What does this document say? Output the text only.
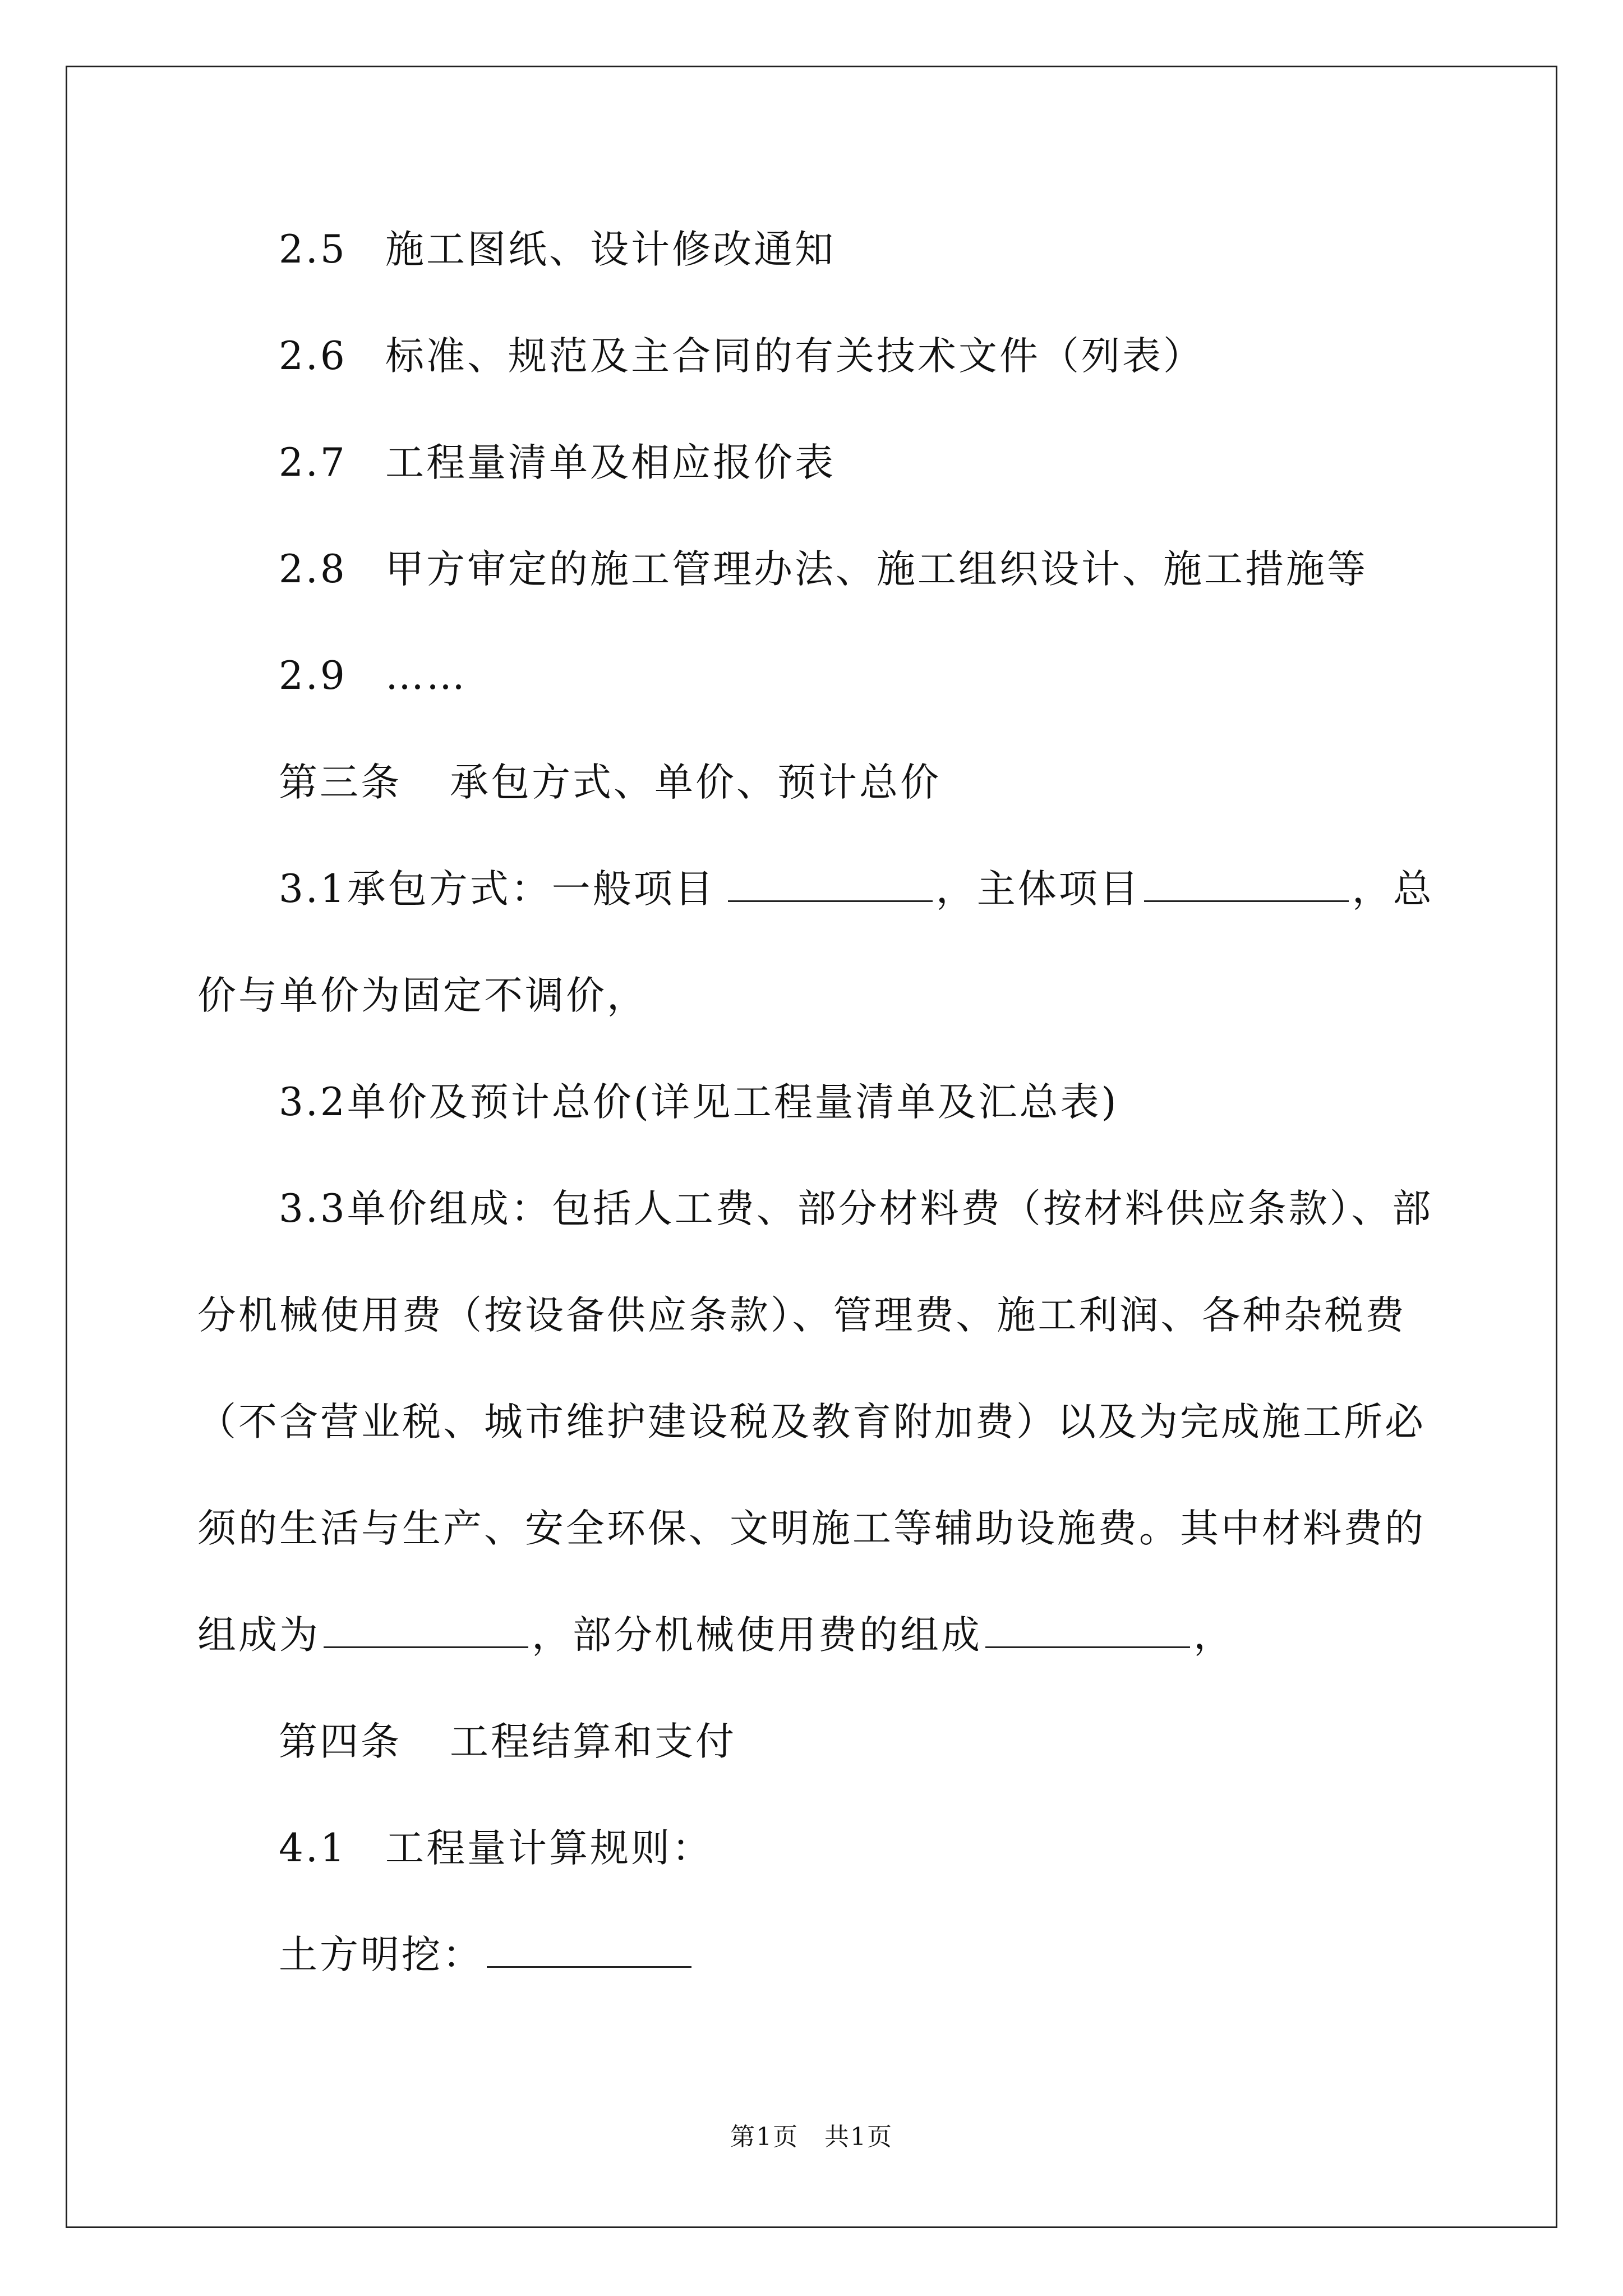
2.5 施工图纸、设计修改通知
2.6 标准、规范及主合同的有关技术文件（列表）
2.7 工程量清单及相应报价表
2.8 甲方审定的施工管理办法、施工组织设计、施工措施等
2.9 ……
第三条 承包方式、单价、预计总价
3.1承包方式：一般项目	，主体项目	，总
价与单价为固定不调价，
3.2单价及预计总价(详见工程量清单及汇总表)
3.3单价组成：包括人工费、部分材料费（按材料供应条款）、部
分机械使用费（按设备供应条款）、管理费、施工利润、各种杂税费
（不含营业税、城市维护建设税及教育附加费）以及为完成施工所必
须的生活与生产、安全环保、文明施工等辅助设施费。其中材料费的
组成为	，部分机械使用费的组成	，
第四条 工程结算和支付
4.1 工程量计算规则：
土方明挖：
第1页　共1页
